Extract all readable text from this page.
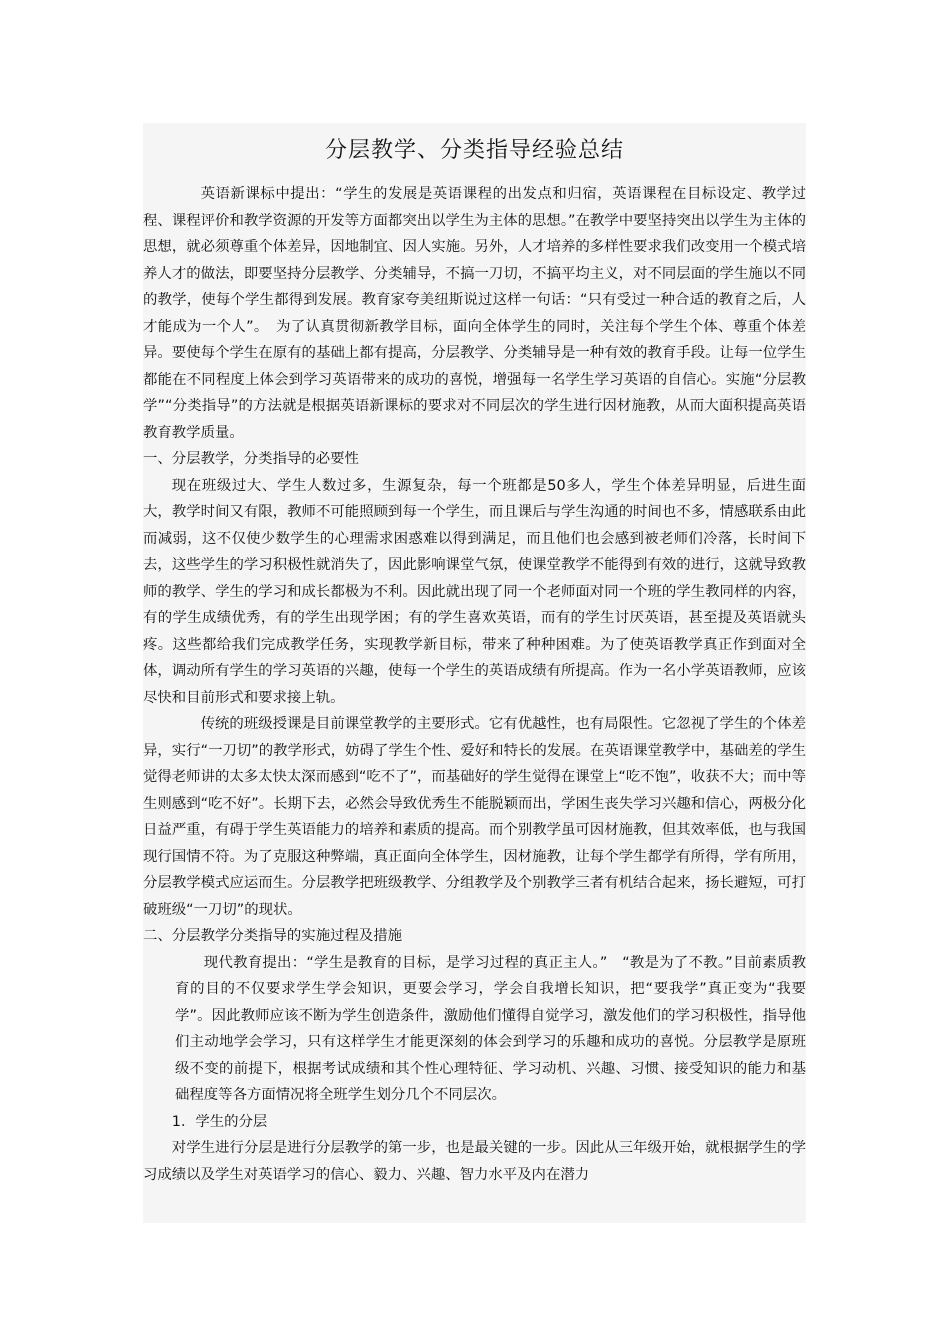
分层教学、分类指导经验总结

英语新课标中提出：“学生的发展是英语课程的出发点和归宿，英语课程在目标设定、教学过程、课程评价和教学资源的开发等方面都突出以学生为主体的思想。”在教学中要坚持突出以学生为主体的思想，就必须尊重个体差异，因地制宜、因人实施。另外，人才培养的多样性要求我们改变用一个模式培养人才的做法，即要坚持分层教学、分类辅导，不搞一刀切，不搞平均主义，对不同层面的学生施以不同的教学，使每个学生都得到发展。教育家夸美纽斯说过这样一句话：“只有受过一种合适的教育之后，人才能成为一个人”。　为了认真贯彻新教学目标，面向全体学生的同时，关注每个学生个体、尊重个体差异。要使每个学生在原有的基础上都有提高，分层教学、分类辅导是一种有效的教育手段。让每一位学生都能在不同程度上体会到学习英语带来的成功的喜悦，增强每一名学生学习英语的自信心。实施“分层教学”“分类指导”的方法就是根据英语新课标的要求对不同层次的学生进行因材施教，从而大面积提高英语教育教学质量。

一、分层教学，分类指导的必要性

现在班级过大、学生人数过多，生源复杂，每一个班都是50多人，学生个体差异明显，后进生面大，教学时间又有限，教师不可能照顾到每一个学生，而且课后与学生沟通的时间也不多，情感联系由此而减弱，这不仅使少数学生的心理需求困惑难以得到满足，而且他们也会感到被老师们冷落，长时间下去，这些学生的学习积极性就消失了，因此影响课堂气氛，使课堂教学不能得到有效的进行，这就导致教师的教学、学生的学习和成长都极为不利。因此就出现了同一个老师面对同一个班的学生教同样的内容，有的学生成绩优秀，有的学生出现学困；有的学生喜欢英语，而有的学生讨厌英语，甚至提及英语就头疼。这些都给我们完成教学任务，实现教学新目标，带来了种种困难。为了使英语教学真正作到面对全体，调动所有学生的学习英语的兴趣，使每一个学生的英语成绩有所提高。作为一名小学英语教师，应该尽快和目前形式和要求接上轨。

传统的班级授课是目前课堂教学的主要形式。它有优越性，也有局限性。它忽视了学生的个体差异，实行“一刀切”的教学形式，妨碍了学生个性、爱好和特长的发展。在英语课堂教学中，基础差的学生觉得老师讲的太多太快太深而感到“吃不了”，而基础好的学生觉得在课堂上“吃不饱”，收获不大；而中等生则感到“吃不好”。长期下去，必然会导致优秀生不能脱颖而出，学困生丧失学习兴趣和信心，两极分化日益严重，有碍于学生英语能力的培养和素质的提高。而个别教学虽可因材施教，但其效率低，也与我国现行国情不符。为了克服这种弊端，真正面向全体学生，因材施教，让每个学生都学有所得，学有所用，分层教学模式应运而生。分层教学把班级教学、分组教学及个别教学三者有机结合起来，扬长避短，可打破班级“一刀切”的现状。

二、分层教学分类指导的实施过程及措施

现代教育提出：“学生是教育的目标，是学习过程的真正主人。”　“教是为了不教。”目前素质教育的目的不仅要求学生学会知识，更要会学习，学会自我增长知识，把“要我学”真正变为“我要学”。因此教师应该不断为学生创造条件，激励他们懂得自觉学习，激发他们的学习积极性，指导他们主动地学会学习，只有这样学生才能更深刻的体会到学习的乐趣和成功的喜悦。分层教学是原班级不变的前提下，根据考试成绩和其个性心理特征、学习动机、兴趣、习惯、接受知识的能力和基础程度等各方面情况将全班学生划分几个不同层次。

1．学生的分层

对学生进行分层是进行分层教学的第一步，也是最关键的一步。因此从三年级开始，就根据学生的学习成绩以及学生对英语学习的信心、毅力、兴趣、智力水平及内在潜力
